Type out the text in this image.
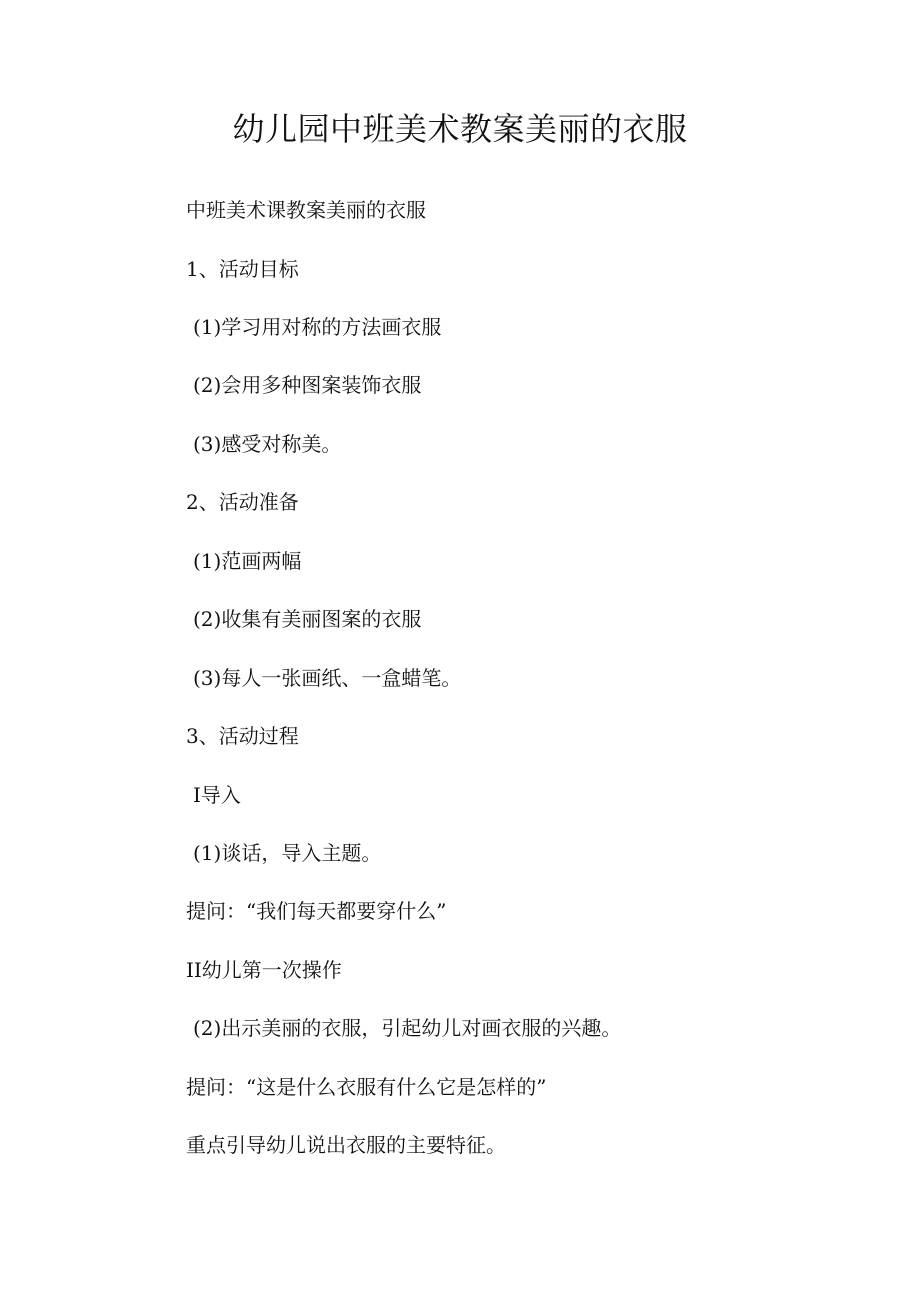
幼儿园中班美术教案美丽的衣服

中班美术课教案美丽的衣服

1、活动目标

(1)学习用对称的方法画衣服

(2)会用多种图案装饰衣服

(3)感受对称美。

2、活动准备

(1)范画两幅

(2)收集有美丽图案的衣服

(3)每人一张画纸、一盒蜡笔。

3、活动过程

I导入

(1)谈话，导入主题。

提问：“我们每天都要穿什么”

II幼儿第一次操作

(2)出示美丽的衣服，引起幼儿对画衣服的兴趣。

提问：“这是什么衣服有什么它是怎样的”

重点引导幼儿说出衣服的主要特征。
